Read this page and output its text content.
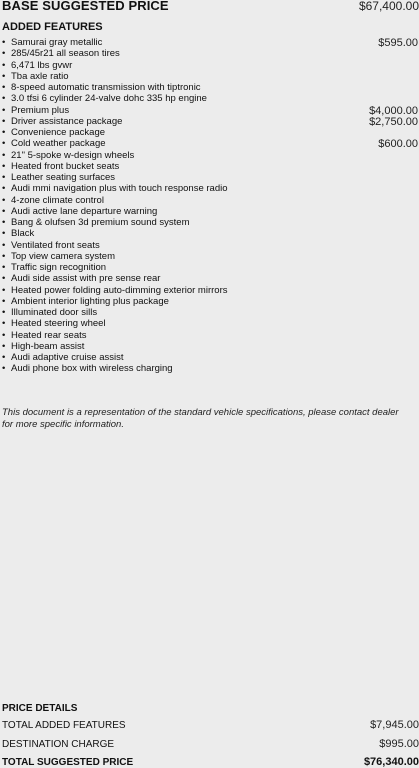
BASE SUGGESTED PRICE	$67,400.00
ADDED FEATURES
• Samurai gray metallic	$595.00
• 285/45r21 all season tires
• 6,471 lbs gvwr
• Tba axle ratio
• 8-speed automatic transmission with tiptronic
• 3.0 tfsi 6 cylinder 24-valve dohc 335 hp engine
• Premium plus	$4,000.00
• Driver assistance package	$2,750.00
• Convenience package
• Cold weather package	$600.00
• 21" 5-spoke w-design wheels
• Heated front bucket seats
• Leather seating surfaces
• Audi mmi navigation plus with touch response radio
• 4-zone climate control
• Audi active lane departure warning
• Bang & olufsen 3d premium sound system
• Black
• Ventilated front seats
• Top view camera system
• Traffic sign recognition
• Audi side assist with pre sense rear
• Heated power folding auto-dimming exterior mirrors
• Ambient interior lighting plus package
• Illuminated door sills
• Heated steering wheel
• Heated rear seats
• High-beam assist
• Audi adaptive cruise assist
• Audi phone box with wireless charging
This document is a representation of the standard vehicle specifications, please contact dealer for more specific information.
PRICE DETAILS
TOTAL ADDED FEATURES	$7,945.00
DESTINATION CHARGE	$995.00
TOTAL SUGGESTED PRICE	$76,340.00
